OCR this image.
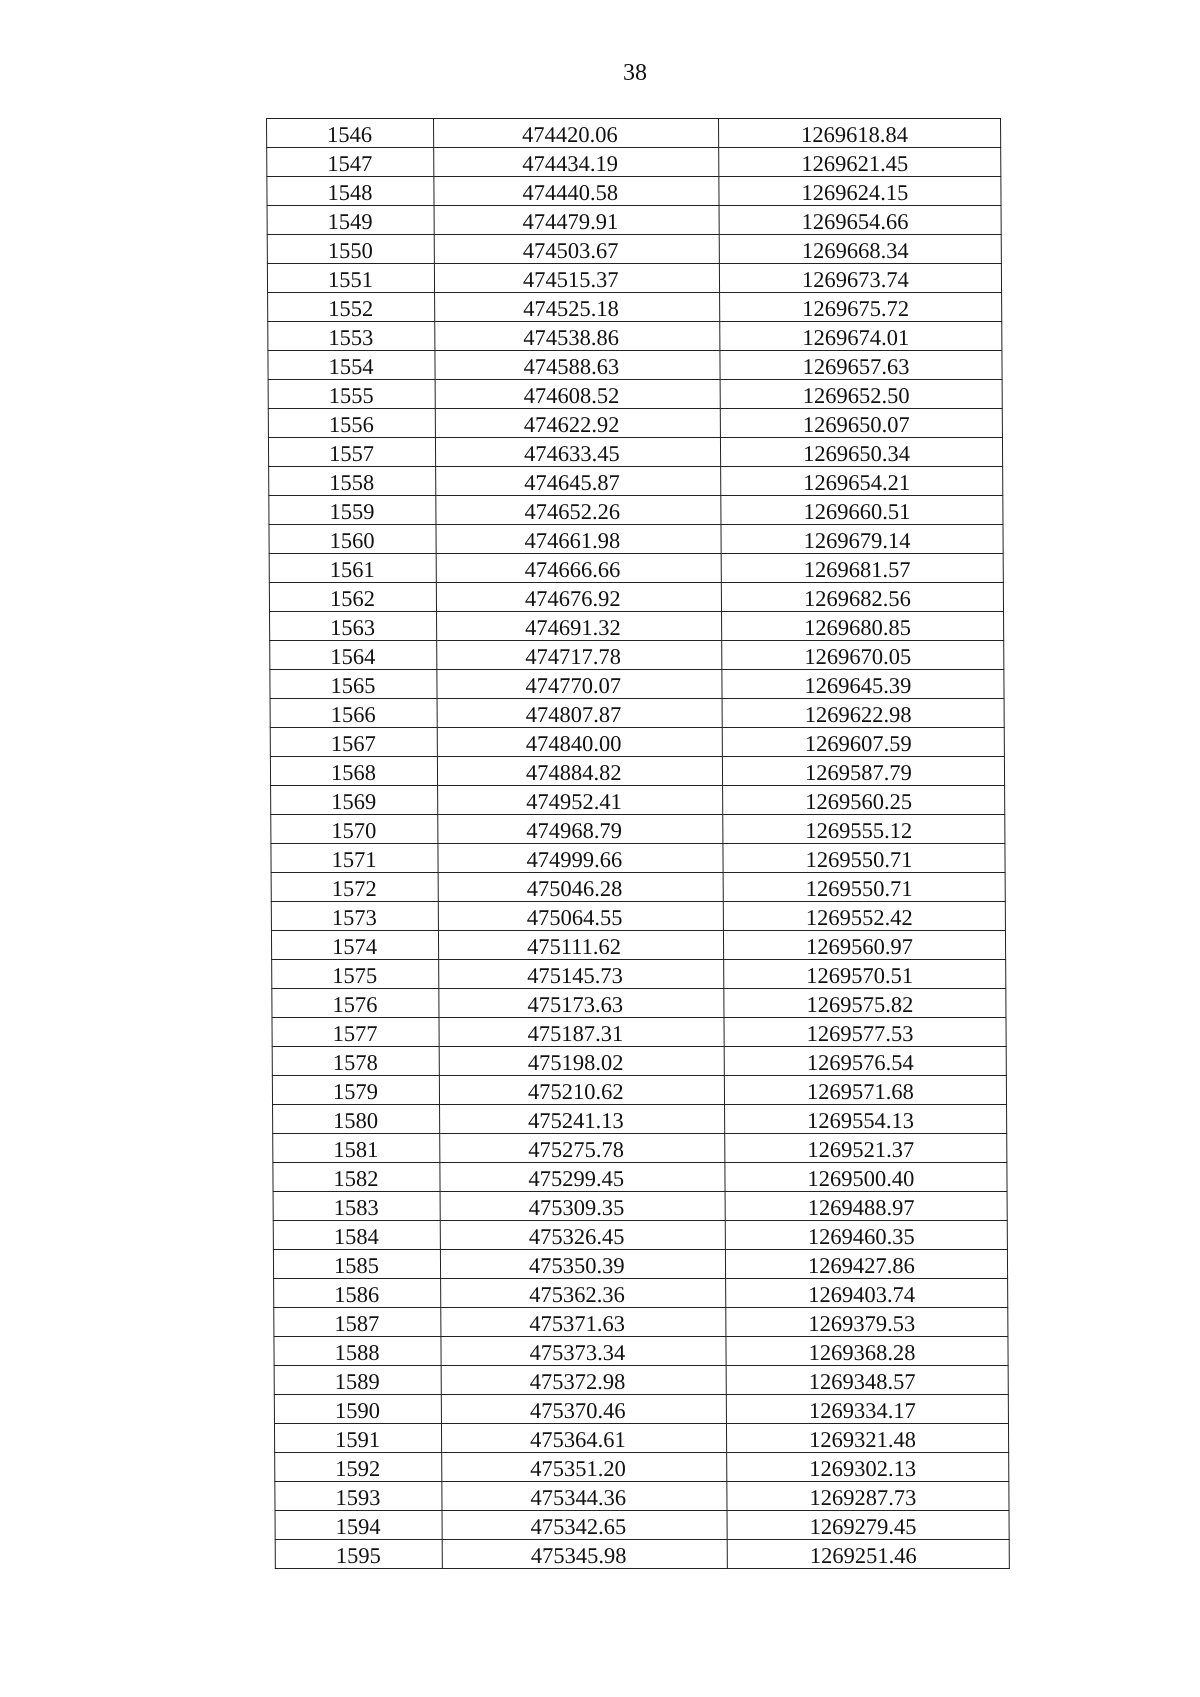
38
1546	474420.06	1269618.84
1547	474434.19	1269621.45
1548	474440.58	1269624.15
1549	474479.91	1269654.66
1550	474503.67	1269668.34
1551	474515.37	1269673.74
1552	474525.18	1269675.72
1553	474538.86	1269674.01
1554	474588.63	1269657.63
1555	474608.52	1269652.50
1556	474622.92	1269650.07
1557	474633.45	1269650.34
1558	474645.87	1269654.21
1559	474652.26	1269660.51
1560	474661.98	1269679.14
1561	474666.66	1269681.57
1562	474676.92	1269682.56
1563	474691.32	1269680.85
1564	474717.78	1269670.05
1565	474770.07	1269645.39
1566	474807.87	1269622.98
1567	474840.00	1269607.59
1568	474884.82	1269587.79
1569	474952.41	1269560.25
1570	474968.79	1269555.12
1571	474999.66	1269550.71
1572	475046.28	1269550.71
1573	475064.55	1269552.42
1574	475111.62	1269560.97
1575	475145.73	1269570.51
1576	475173.63	1269575.82
1577	475187.31	1269577.53
1578	475198.02	1269576.54
1579	475210.62	1269571.68
1580	475241.13	1269554.13
1581	475275.78	1269521.37
1582	475299.45	1269500.40
1583	475309.35	1269488.97
1584	475326.45	1269460.35
1585	475350.39	1269427.86
1586	475362.36	1269403.74
1587	475371.63	1269379.53
1588	475373.34	1269368.28
1589	475372.98	1269348.57
1590	475370.46	1269334.17
1591	475364.61	1269321.48
1592	475351.20	1269302.13
1593	475344.36	1269287.73
1594	475342.65	1269279.45
1595	475345.98	1269251.46
